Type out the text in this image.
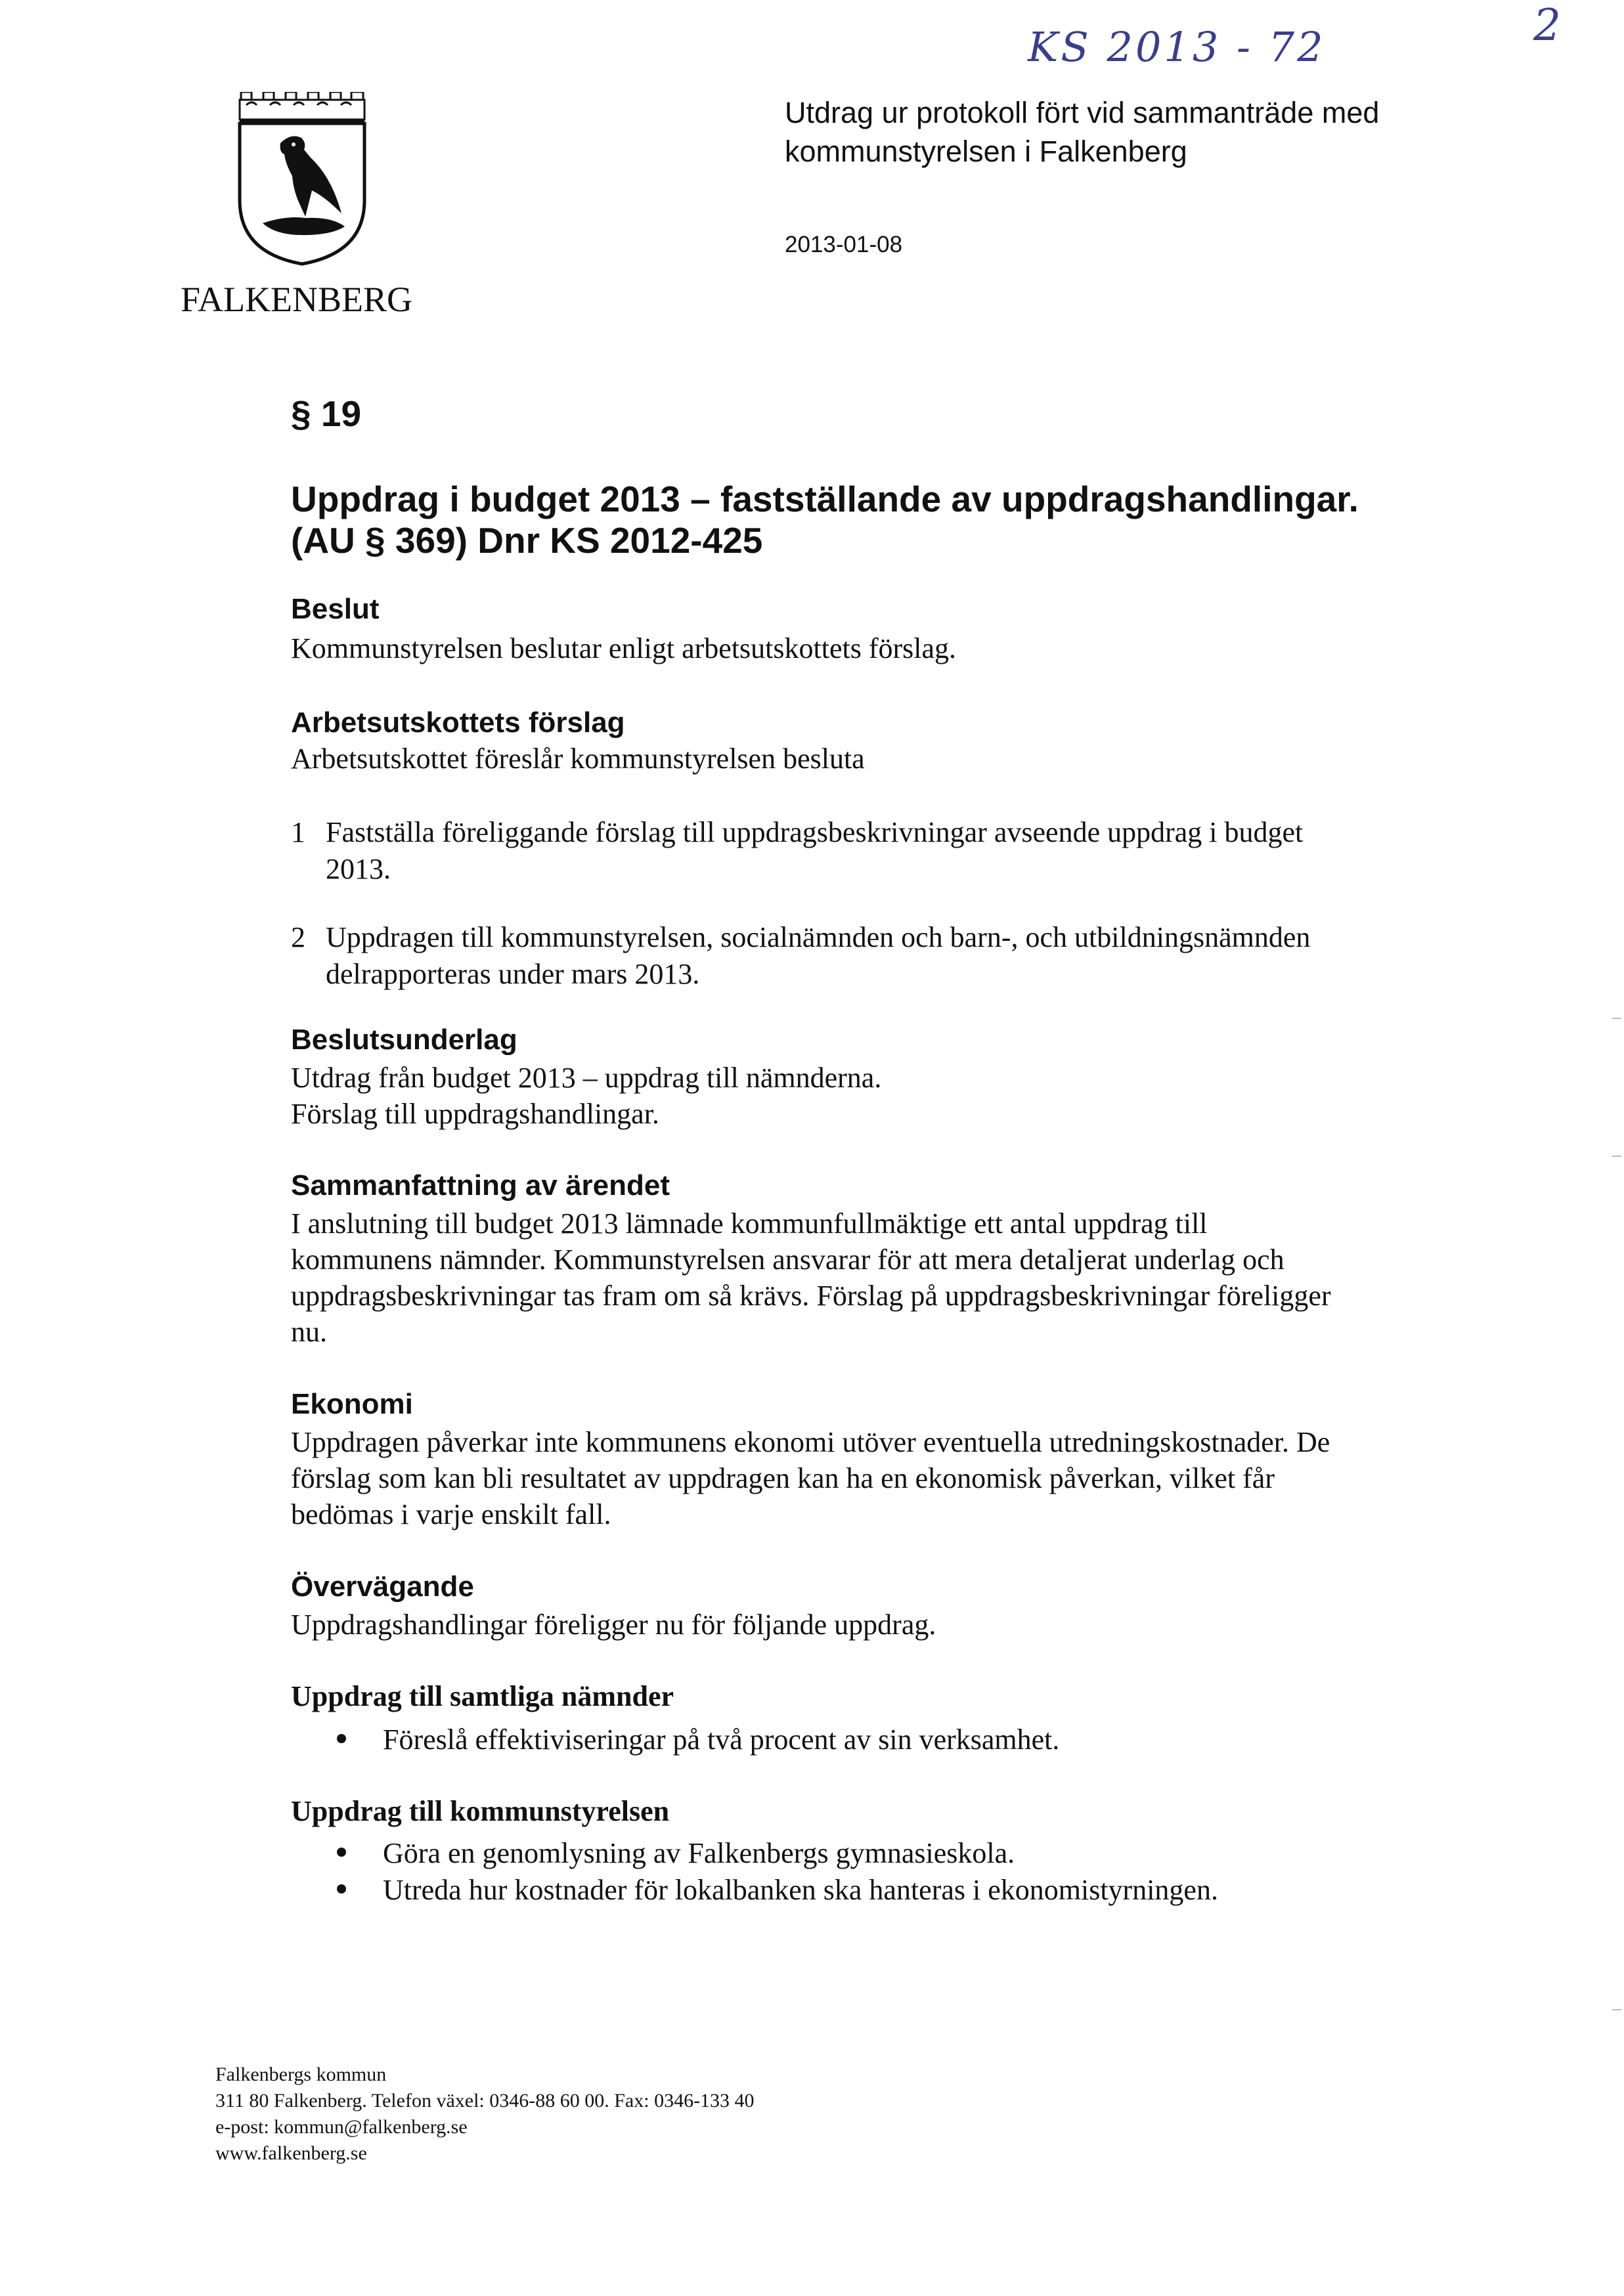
KS 2013 - 72	2
FALKENBERG
Utdrag ur protokoll fört vid sammanträde med
kommunstyrelsen i Falkenberg
2013-01-08
§ 19
Uppdrag i budget 2013 – fastställande av uppdragshandlingar.
(AU § 369) Dnr KS 2012-425
Beslut
Kommunstyrelsen beslutar enligt arbetsutskottets förslag.
Arbetsutskottets förslag
Arbetsutskottet föreslår kommunstyrelsen besluta
1 Fastställa föreliggande förslag till uppdragsbeskrivningar avseende uppdrag i budget
2013.
2 Uppdragen till kommunstyrelsen, socialnämnden och barn-, och utbildningsnämnden
delrapporteras under mars 2013.
Beslutsunderlag
Utdrag från budget 2013 – uppdrag till nämnderna.
Förslag till uppdragshandlingar.
Sammanfattning av ärendet
I anslutning till budget 2013 lämnade kommunfullmäktige ett antal uppdrag till
kommunens nämnder. Kommunstyrelsen ansvarar för att mera detaljerat underlag och
uppdragsbeskrivningar tas fram om så krävs. Förslag på uppdragsbeskrivningar föreligger
nu.
Ekonomi
Uppdragen påverkar inte kommunens ekonomi utöver eventuella utredningskostnader. De
förslag som kan bli resultatet av uppdragen kan ha en ekonomisk påverkan, vilket får
bedömas i varje enskilt fall.
Övervägande
Uppdragshandlingar föreligger nu för följande uppdrag.
Uppdrag till samtliga nämnder
Föreslå effektiviseringar på två procent av sin verksamhet.
Uppdrag till kommunstyrelsen
Göra en genomlysning av Falkenbergs gymnasieskola.
Utreda hur kostnader för lokalbanken ska hanteras i ekonomistyrningen.
Falkenbergs kommun
311 80 Falkenberg. Telefon växel: 0346-88 60 00. Fax: 0346-133 40
e-post: kommun@falkenberg.se
www.falkenberg.se
